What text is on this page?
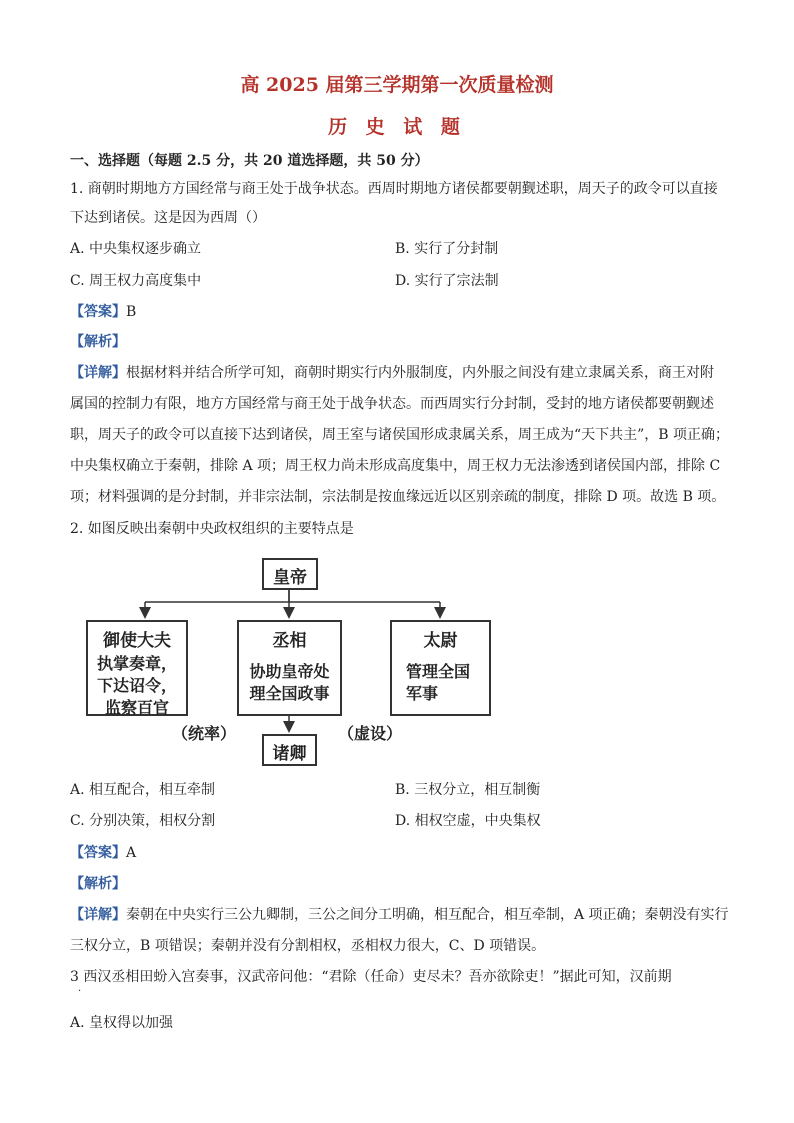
高 2025 届第三学期第一次质量检测
历 史 试 题
一、选择题（每题 2.5 分，共 20 道选择题，共 50 分）
1. 商朝时期地方方国经常与商王处于战争状态。西周时期地方诸侯都要朝觐述职，周天子的政令可以直接
下达到诸侯。这是因为西周（）
A. 中央集权逐步确立	B. 实行了分封制
C. 周王权力高度集中	D. 实行了宗法制
【答案】B
【解析】
【详解】根据材料并结合所学可知，商朝时期实行内外服制度，内外服之间没有建立隶属关系，商王对附
属国的控制力有限，地方方国经常与商王处于战争状态。而西周实行分封制，受封的地方诸侯都要朝觐述
职，周天子的政令可以直接下达到诸侯，周王室与诸侯国形成隶属关系，周王成为“天下共主”，B 项正确；
中央集权确立于秦朝，排除 A 项；周王权力尚未形成高度集中，周王权力无法渗透到诸侯国内部，排除 C
项；材料强调的是分封制，并非宗法制，宗法制是按血缘远近以区别亲疏的制度，排除 D 项。故选 B 项。
2. 如图反映出秦朝中央政权组织的主要特点是
皇帝
御使大夫
执掌奏章，
下达诏令，
监察百官
丞相
协助皇帝处
理全国政事
太尉
管理全国
军事
（统率）	（虚设）
诸卿
A. 相互配合，相互牵制	B. 三权分立，相互制衡
C. 分别决策，相权分割	D. 相权空虚，中央集权
【答案】A
【解析】
【详解】秦朝在中央实行三公九卿制，三公之间分工明确，相互配合，相互牵制，A 项正确；秦朝没有实行
三权分立，B 项错误；秦朝并没有分割相权，丞相权力很大，C、D 项错误。
3 西汉丞相田蚡入宫奏事，汉武帝问他：“君除（任命）吏尽未？吾亦欲除吏！”据此可知，汉前期
·
A. 皇权得以加强
